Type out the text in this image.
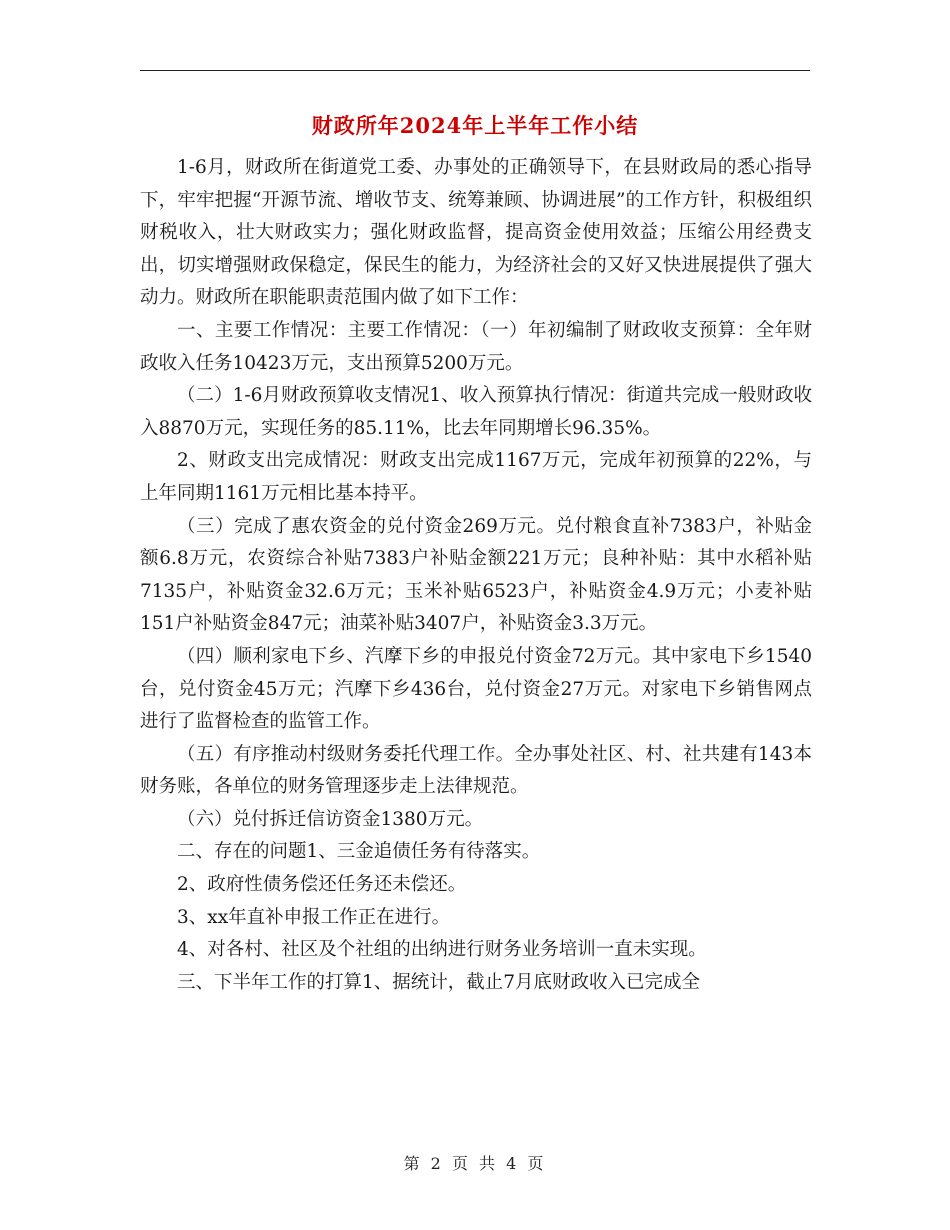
财政所年2024年上半年工作小结

1-6月，财政所在街道党工委、办事处的正确领导下，在县财政局的悉心指导下，牢牢把握“开源节流、增收节支、统筹兼顾、协调进展”的工作方针，积极组织财税收入，壮大财政实力；强化财政监督，提高资金使用效益；压缩公用经费支出，切实增强财政保稳定，保民生的能力，为经济社会的又好又快进展提供了强大动力。财政所在职能职责范围内做了如下工作：

一、主要工作情况：主要工作情况：（一）年初编制了财政收支预算：全年财政收入任务10423万元，支出预算5200万元。

（二）1-6月财政预算收支情况1、收入预算执行情况：街道共完成一般财政收入8870万元，实现任务的85.11%，比去年同期增长96.35%。

2、财政支出完成情况：财政支出完成1167万元，完成年初预算的22%，与上年同期1161万元相比基本持平。

（三）完成了惠农资金的兑付资金269万元。兑付粮食直补7383户，补贴金额6.8万元，农资综合补贴7383户补贴金额221万元；良种补贴：其中水稻补贴7135户，补贴资金32.6万元；玉米补贴6523户，补贴资金4.9万元；小麦补贴151户补贴资金847元；油菜补贴3407户，补贴资金3.3万元。

（四）顺利家电下乡、汽摩下乡的申报兑付资金72万元。其中家电下乡1540台，兑付资金45万元；汽摩下乡436台，兑付资金27万元。对家电下乡销售网点进行了监督检查的监管工作。

（五）有序推动村级财务委托代理工作。全办事处社区、村、社共建有143本财务账，各单位的财务管理逐步走上法律规范。

（六）兑付拆迁信访资金1380万元。

二、存在的问题1、三金追债任务有待落实。

2、政府性债务偿还任务还未偿还。

3、xx年直补申报工作正在进行。

4、对各村、社区及个社组的出纳进行财务业务培训一直未实现。

三、下半年工作的打算1、据统计，截止7月底财政收入已完成全

第 2 页 共 4 页
